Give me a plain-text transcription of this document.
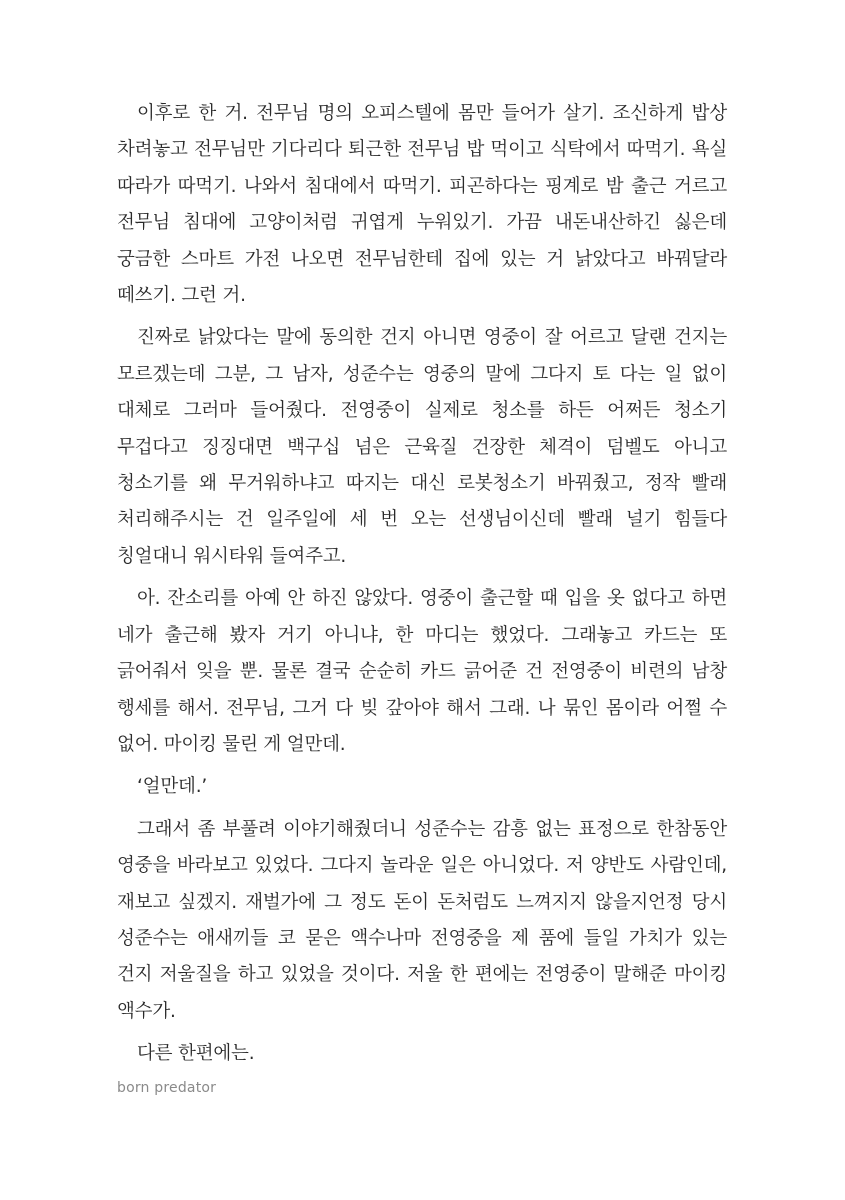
이후로 한 거. 전무님 명의 오피스텔에 몸만 들어가 살기. 조신하게 밥상 차려놓고 전무님만 기다리다 퇴근한 전무님 밥 먹이고 식탁에서 따먹기. 욕실 따라가 따먹기. 나와서 침대에서 따먹기. 피곤하다는 핑계로 밤 출근 거르고 전무님 침대에 고양이처럼 귀엽게 누워있기. 가끔 내돈내산하긴 싫은데 궁금한 스마트 가전 나오면 전무님한테 집에 있는 거 낡았다고 바꿔달라 떼쓰기. 그런 거.

진짜로 낡았다는 말에 동의한 건지 아니면 영중이 잘 어르고 달랜 건지는 모르겠는데 그분, 그 남자, 성준수는 영중의 말에 그다지 토 다는 일 없이 대체로 그러마 들어줬다. 전영중이 실제로 청소를 하든 어쩌든 청소기 무겁다고 징징대면 백구십 넘은 근육질 건장한 체격이 덤벨도 아니고 청소기를 왜 무거워하냐고 따지는 대신 로봇청소기 바꿔줬고, 정작 빨래 처리해주시는 건 일주일에 세 번 오는 선생님이신데 빨래 널기 힘들다 칭얼대니 워시타워 들여주고.

아. 잔소리를 아예 안 하진 않았다. 영중이 출근할 때 입을 옷 없다고 하면 네가 출근해 봤자 거기 아니냐, 한 마디는 했었다. 그래놓고 카드는 또 긁어줘서 잊을 뿐. 물론 결국 순순히 카드 긁어준 건 전영중이 비련의 남창 행세를 해서. 전무님, 그거 다 빚 갚아야 해서 그래. 나 묶인 몸이라 어쩔 수 없어. 마이킹 물린 게 얼만데.

‘얼만데.’

그래서 좀 부풀려 이야기해줬더니 성준수는 감흥 없는 표정으로 한참동안 영중을 바라보고 있었다. 그다지 놀라운 일은 아니었다. 저 양반도 사람인데, 재보고 싶겠지. 재벌가에 그 정도 돈이 돈처럼도 느껴지지 않을지언정 당시 성준수는 애새끼들 코 묻은 액수나마 전영중을 제 품에 들일 가치가 있는 건지 저울질을 하고 있었을 것이다. 저울 한 편에는 전영중이 말해준 마이킹 액수가.

다른 한편에는.

born predator
